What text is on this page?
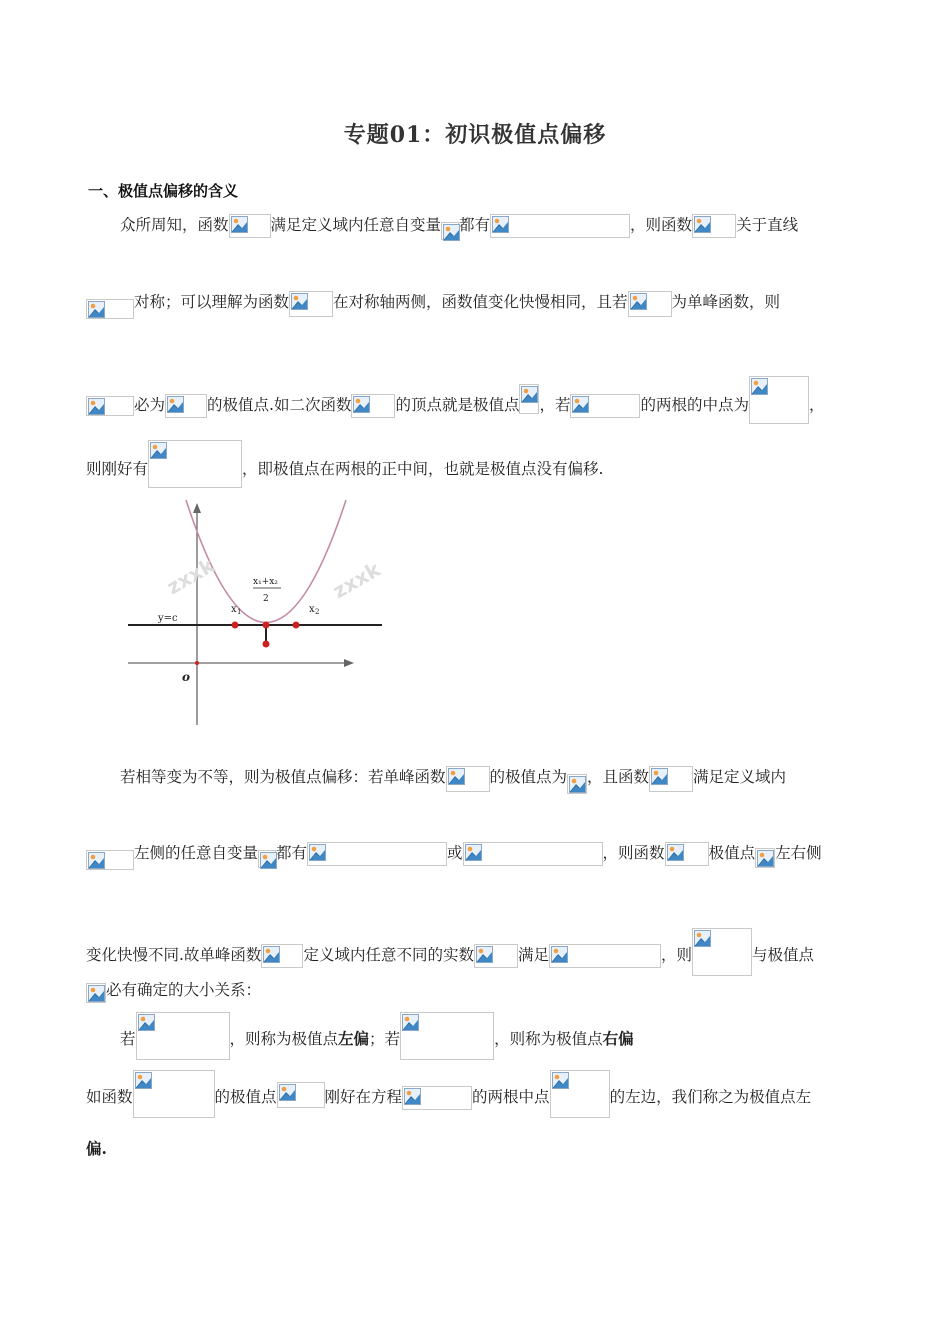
专题01：初识极值点偏移
一、极值点偏移的含义
众所周知，函数	满足定义域内任意自变量 都有	，则函数	关于直线
对称；可以理解为函数	在对称轴两侧，函数值变化快慢相同，且若	为单峰函数，则
必为	的极值点.如二次函数	的顶点就是极值点 ，若	的两根的中点为	，
则刚好有	，即极值点在两根的正中间，也就是极值点没有偏移.
zxxk	zxxk
y=c
x 1	x 2
x₁+x₂
2
o
若相等变为不等，则为极值点偏移：若单峰函数	的极值点为 ，且函数	满足定义域内
左侧的任意自变量 都有	或	，则函数	极值点 左右侧
变化快慢不同.故单峰函数	定义域内任意不同的实数	满足	，则	与极值点
必有确定的大小关系：
若	，则称为极值点左偏；若	，则称为极值点右偏
如函数	的极值点	刚好在方程	的两根中点	的左边，我们称之为极值点左
偏.
